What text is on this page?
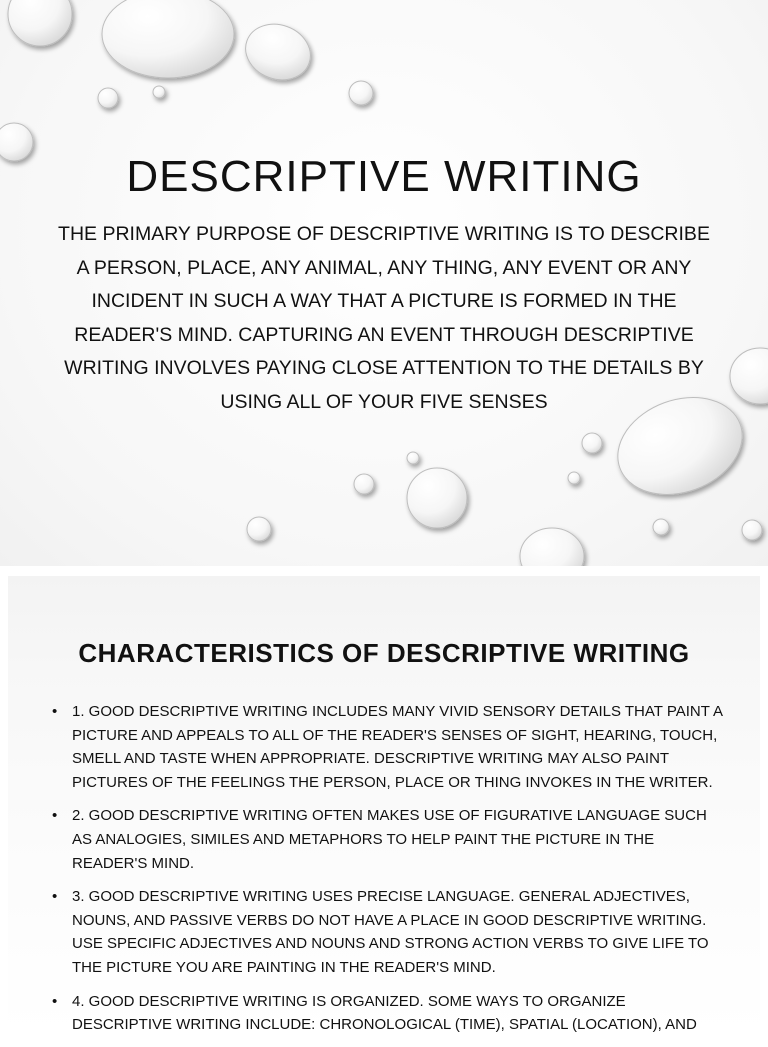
DESCRIPTIVE WRITING

THE PRIMARY PURPOSE OF DESCRIPTIVE WRITING IS TO DESCRIBE A PERSON, PLACE, ANY ANIMAL, ANY THING, ANY EVENT OR ANY INCIDENT IN SUCH A WAY THAT A PICTURE IS FORMED IN THE READER'S MIND. CAPTURING AN EVENT THROUGH DESCRIPTIVE WRITING INVOLVES PAYING CLOSE ATTENTION TO THE DETAILS BY USING ALL OF YOUR FIVE SENSES

CHARACTERISTICS OF DESCRIPTIVE WRITING
• 1. GOOD DESCRIPTIVE WRITING INCLUDES MANY VIVID SENSORY DETAILS THAT PAINT A PICTURE AND APPEALS TO ALL OF THE READER'S SENSES OF SIGHT, HEARING, TOUCH, SMELL AND TASTE WHEN APPROPRIATE. DESCRIPTIVE WRITING MAY ALSO PAINT PICTURES OF THE FEELINGS THE PERSON, PLACE OR THING INVOKES IN THE WRITER.
• 2. GOOD DESCRIPTIVE WRITING OFTEN MAKES USE OF FIGURATIVE LANGUAGE SUCH AS ANALOGIES, SIMILES AND METAPHORS TO HELP PAINT THE PICTURE IN THE READER'S MIND.
• 3. GOOD DESCRIPTIVE WRITING USES PRECISE LANGUAGE. GENERAL ADJECTIVES, NOUNS, AND PASSIVE VERBS DO NOT HAVE A PLACE IN GOOD DESCRIPTIVE WRITING. USE SPECIFIC ADJECTIVES AND NOUNS AND STRONG ACTION VERBS TO GIVE LIFE TO THE PICTURE YOU ARE PAINTING IN THE READER'S MIND.
• 4. GOOD DESCRIPTIVE WRITING IS ORGANIZED. SOME WAYS TO ORGANIZE DESCRIPTIVE WRITING INCLUDE: CHRONOLOGICAL (TIME), SPATIAL (LOCATION), AND
